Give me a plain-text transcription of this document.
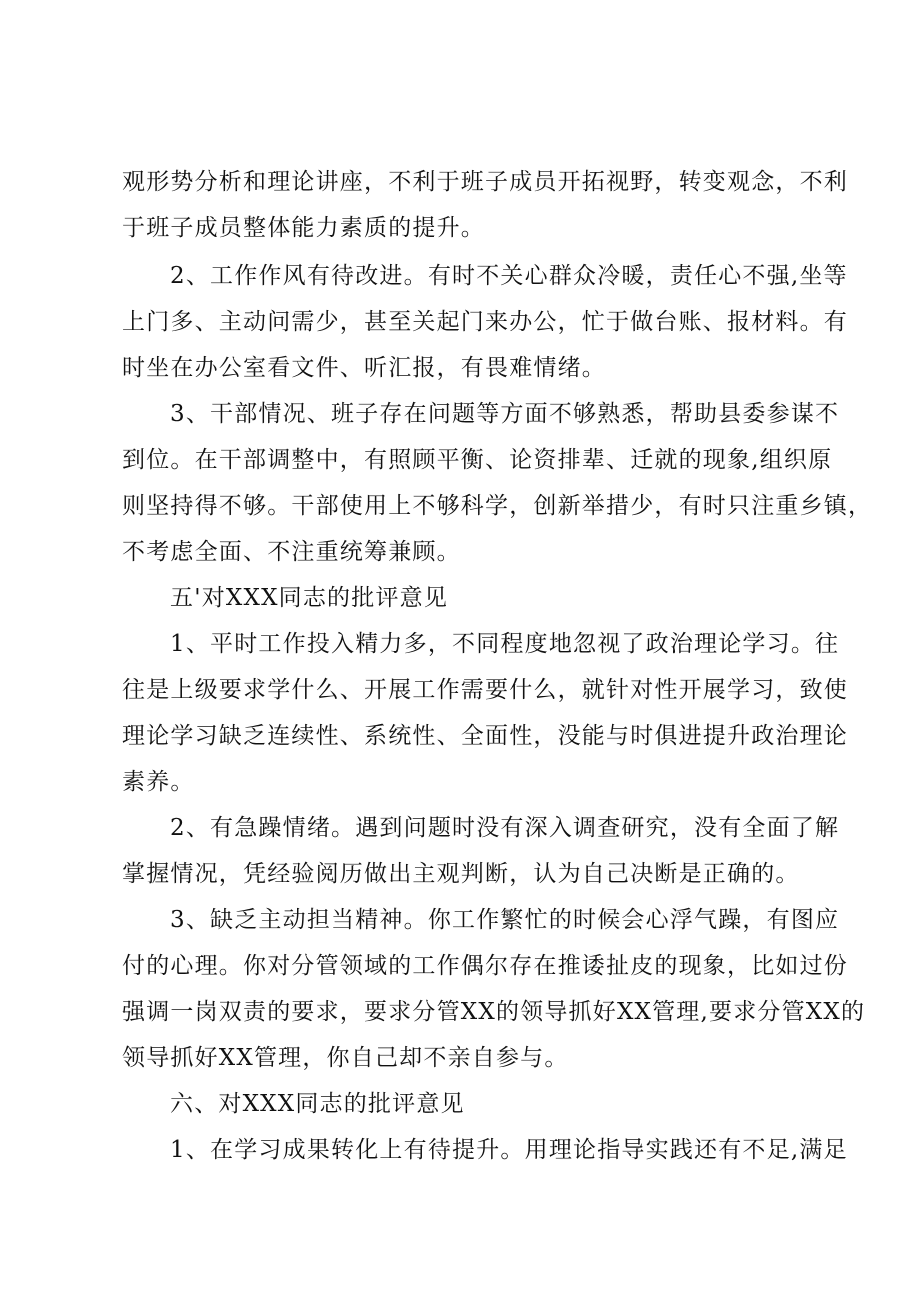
观形势分析和理论讲座，不利于班子成员开拓视野，转变观念，不利
于班子成员整体能力素质的提升。
2、工作作风有待改进。有时不关心群众冷暖，责任心不强,坐等
上门多、主动问需少，甚至关起门来办公，忙于做台账、报材料。有
时坐在办公室看文件、听汇报，有畏难情绪。
3、干部情况、班子存在问题等方面不够熟悉，帮助县委参谋不
到位。在干部调整中，有照顾平衡、论资排辈、迁就的现象,组织原
则坚持得不够。干部使用上不够科学，创新举措少，有时只注重乡镇，
不考虑全面、不注重统筹兼顾。
五'对XXX同志的批评意见
1、平时工作投入精力多，不同程度地忽视了政治理论学习。往
往是上级要求学什么、开展工作需要什么，就针对性开展学习，致使
理论学习缺乏连续性、系统性、全面性，没能与时俱进提升政治理论
素养。
2、有急躁情绪。遇到问题时没有深入调查研究，没有全面了解
掌握情况，凭经验阅历做出主观判断，认为自己决断是正确的。
3、缺乏主动担当精神。你工作繁忙的时候会心浮气躁，有图应
付的心理。你对分管领域的工作偶尔存在推诿扯皮的现象，比如过份
强调一岗双责的要求，要求分管XX的领导抓好XX管理,要求分管XX的
领导抓好XX管理，你自己却不亲自参与。
六、对XXX同志的批评意见
1、在学习成果转化上有待提升。用理论指导实践还有不足,满足
